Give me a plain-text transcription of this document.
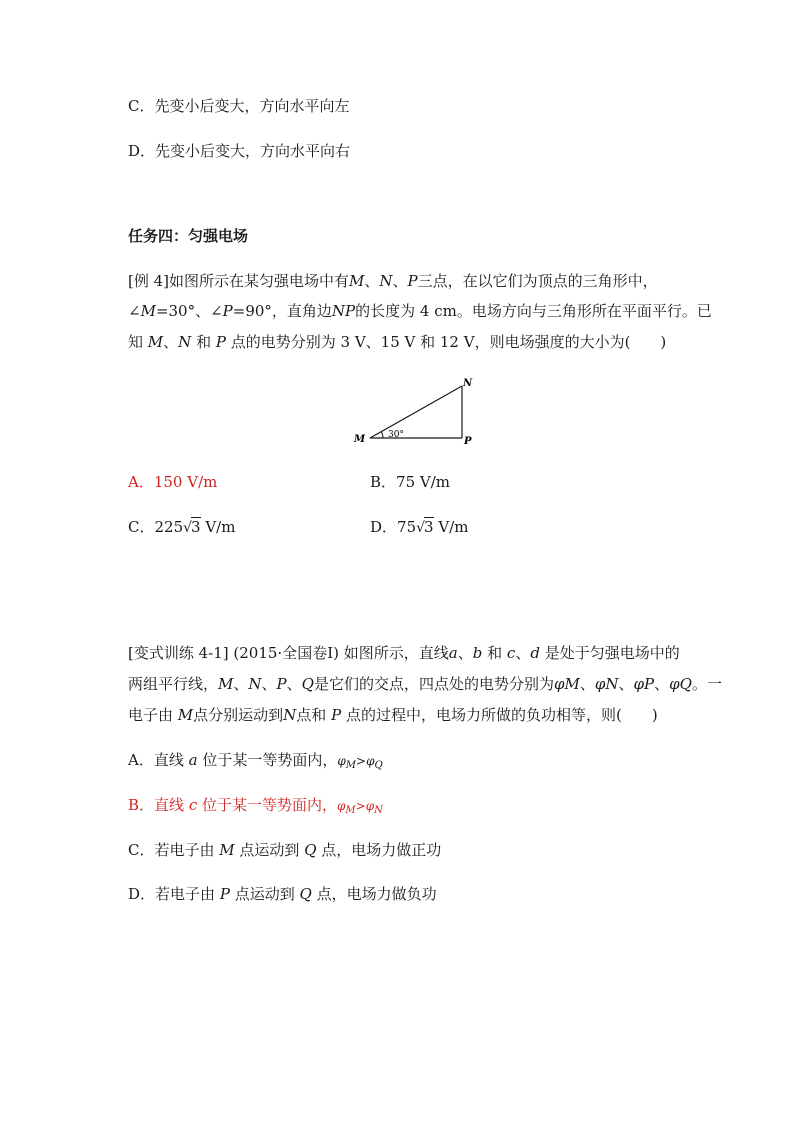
C．先变小后变大，方向水平向左
D．先变小后变大，方向水平向右
任务四：匀强电场
[例 4]如图所示在某匀强电场中有M、N、P三点，在以它们为顶点的三角形中，
∠M=30°、∠P=90°，直角边NP的长度为 4 cm。电场方向与三角形所在平面平行。已
知 M、N 和 P 点的电势分别为 3 V、15 V 和 12 V，则电场强度的大小为(　　)
M
N
P
30°
A．150 V/m	B．75 V/m
C．225√3 V/m	D．75√3 V/m
[变式训练 4-1] (2015·全国卷Ⅰ) 如图所示，直线a、b 和 c、d 是处于匀强电场中的
两组平行线，M、N、P、Q是它们的交点，四点处的电势分别为φM、φN、φP、φQ。一
电子由 M点分别运动到N点和 P 点的过程中，电场力所做的负功相等，则(　　)
A．直线 a 位于某一等势面内，$\varphi_M>\varphi_Q$
B．直线 c 位于某一等势面内，$\varphi_M>\varphi_N$
C．若电子由 M 点运动到 Q 点，电场力做正功
D．若电子由 P 点运动到 Q 点，电场力做负功
